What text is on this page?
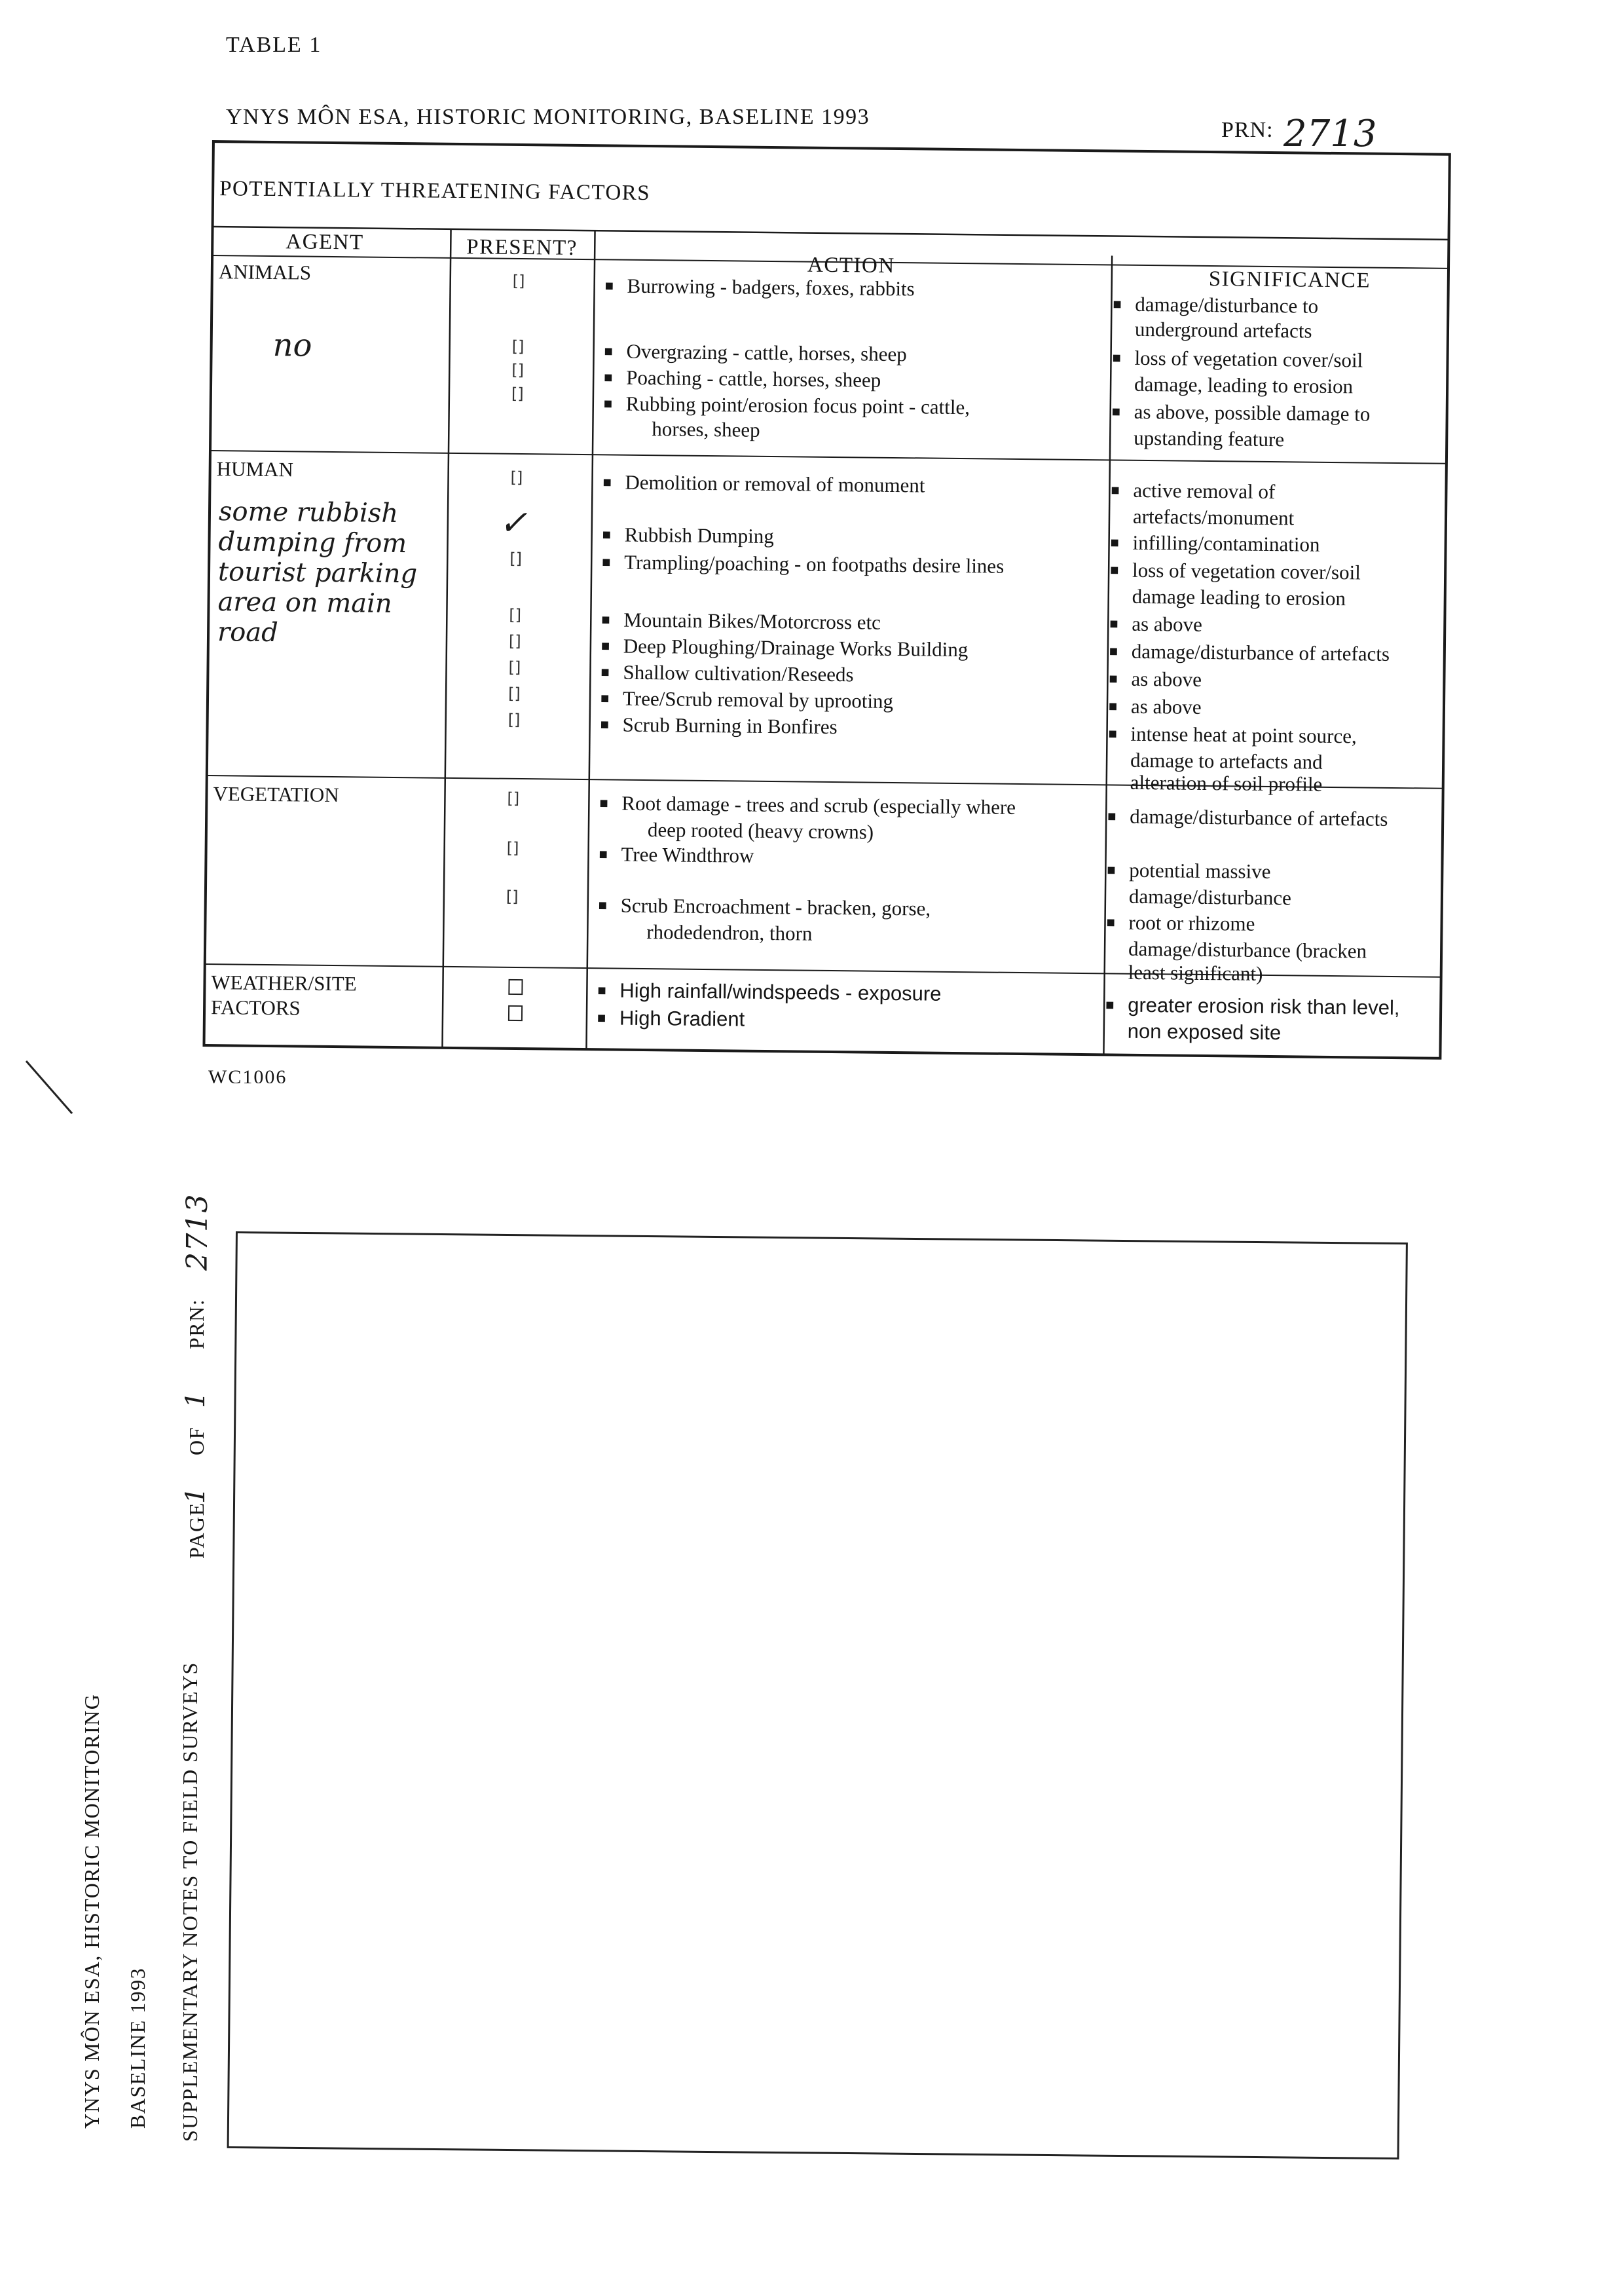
TABLE 1
YNYS MÔN ESA, HISTORIC MONITORING, BASELINE 1993
PRN: 2713
POTENTIALLY THREATENING FACTORS
AGENT	PRESENT?
ACTION
SIGNIFICANCE
ANIMALS
no
[]
[]
[]
[]
■ Burrowing - badgers, foxes, rabbits
■ Overgrazing - cattle, horses, sheep
■ Poaching - cattle, horses, sheep
■ Rubbing point/erosion focus point - cattle,
horses, sheep
■ damage/disturbance to
underground artefacts
■ loss of vegetation cover/soil
damage, leading to erosion
■ as above, possible damage to
upstanding feature
HUMAN
some rubbish
dumping from
tourist parking
area on main
road
[]
✓
[]
[]
[]
[]
[]
[]
■ Demolition or removal of monument
■ Rubbish Dumping
■ Trampling/poaching - on footpaths desire lines
■ Mountain Bikes/Motorcross etc
■ Deep Ploughing/Drainage Works Building
■ Shallow cultivation/Reseeds
■ Tree/Scrub removal by uprooting
■ Scrub Burning in Bonfires
■ active removal of
artefacts/monument
■ infilling/contamination
■ loss of vegetation cover/soil
damage leading to erosion
■ as above
■ damage/disturbance of artefacts
■ as above
■ as above
■ intense heat at point source,
damage to artefacts and
alteration of soil profile
VEGETATION	[]
[]
[]
■ Root damage - trees and scrub (especially where
deep rooted (heavy crowns)
■ Tree Windthrow
■ Scrub Encroachment - bracken, gorse,
rhodedendron, thorn
■ damage/disturbance of artefacts
■ potential massive
damage/disturbance
■ root or rhizome
damage/disturbance (bracken
least significant)
WEATHER/SITE
FACTORS
■ High rainfall/windspeeds - exposure
■ High Gradient
■	greater erosion risk than level,
non exposed site
WC1006
YNYS MÔN ESA, HISTORIC MONITORING BASELINE 1993 SUPPLEMENTARY NOTES TO FIELD SURVEYS
PAGE
1
OF
1
PRN:
2713
